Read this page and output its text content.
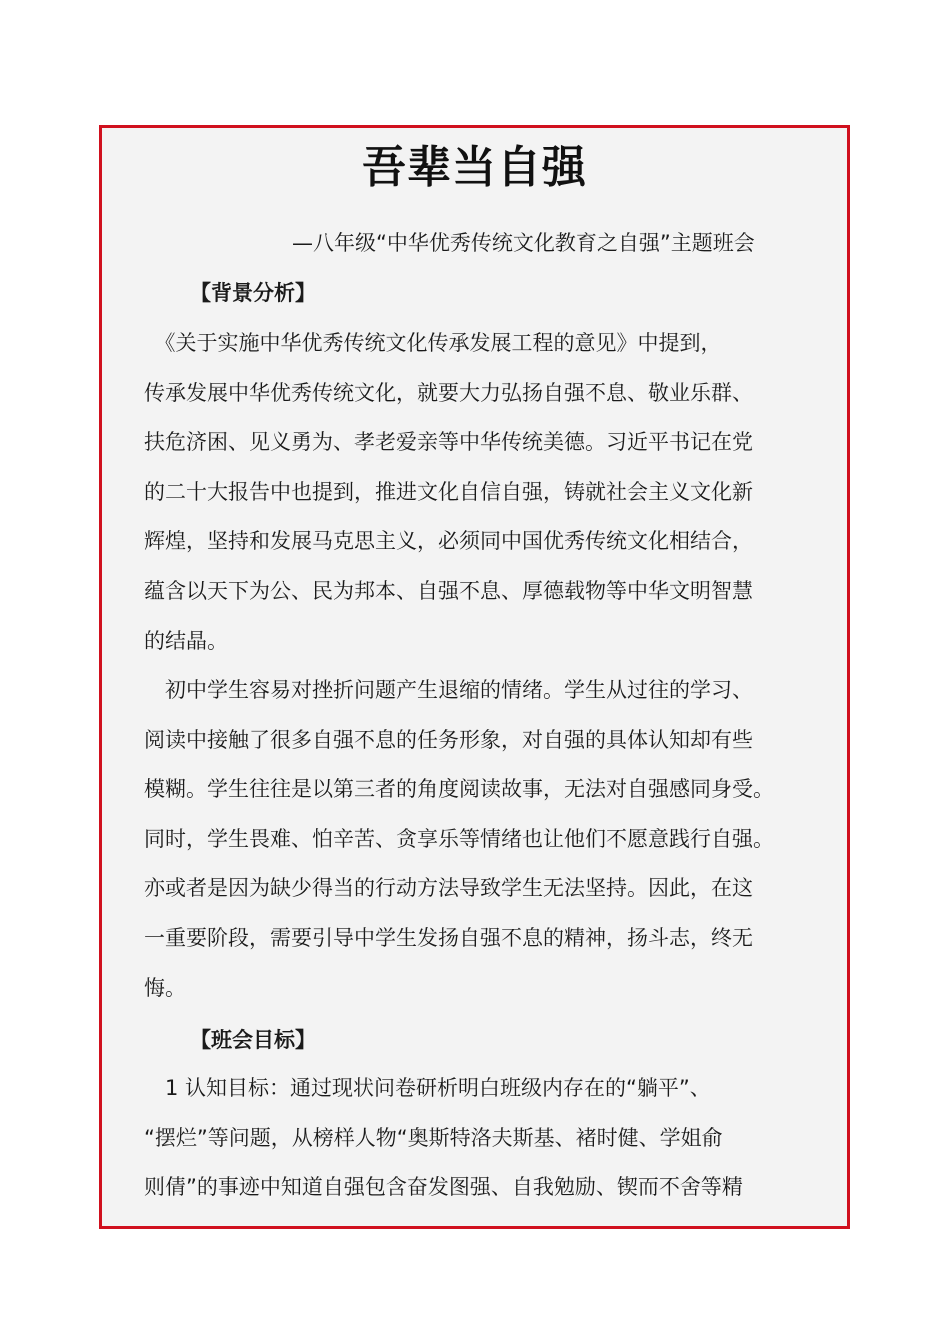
吾辈当自强
—八年级“中华优秀传统文化教育之自强”主题班会
【背景分析】
　《关于实施中华优秀传统文化传承发展工程的意见》中提到，
传承发展中华优秀传统文化，就要大力弘扬自强不息、敬业乐群、
扶危济困、见义勇为、孝老爱亲等中华传统美德。习近平书记在党
的二十大报告中也提到，推进文化自信自强，铸就社会主义文化新
辉煌，坚持和发展马克思主义，必须同中国优秀传统文化相结合，
蕴含以天下为公、民为邦本、自强不息、厚德载物等中华文明智慧
的结晶。
　初中学生容易对挫折问题产生退缩的情绪。学生从过往的学习、
阅读中接触了很多自强不息的任务形象，对自强的具体认知却有些
模糊。学生往往是以第三者的角度阅读故事，无法对自强感同身受。
同时，学生畏难、怕辛苦、贪享乐等情绪也让他们不愿意践行自强。
亦或者是因为缺少得当的行动方法导致学生无法坚持。因此，在这
一重要阶段，需要引导中学生发扬自强不息的精神，扬斗志，终无
悔。
【班会目标】
　1 认知目标：通过现状问卷研析明白班级内存在的“躺平”、
“摆烂”等问题，从榜样人物“奥斯特洛夫斯基、褚时健、学姐俞
则倩”的事迹中知道自强包含奋发图强、自我勉励、锲而不舍等精
